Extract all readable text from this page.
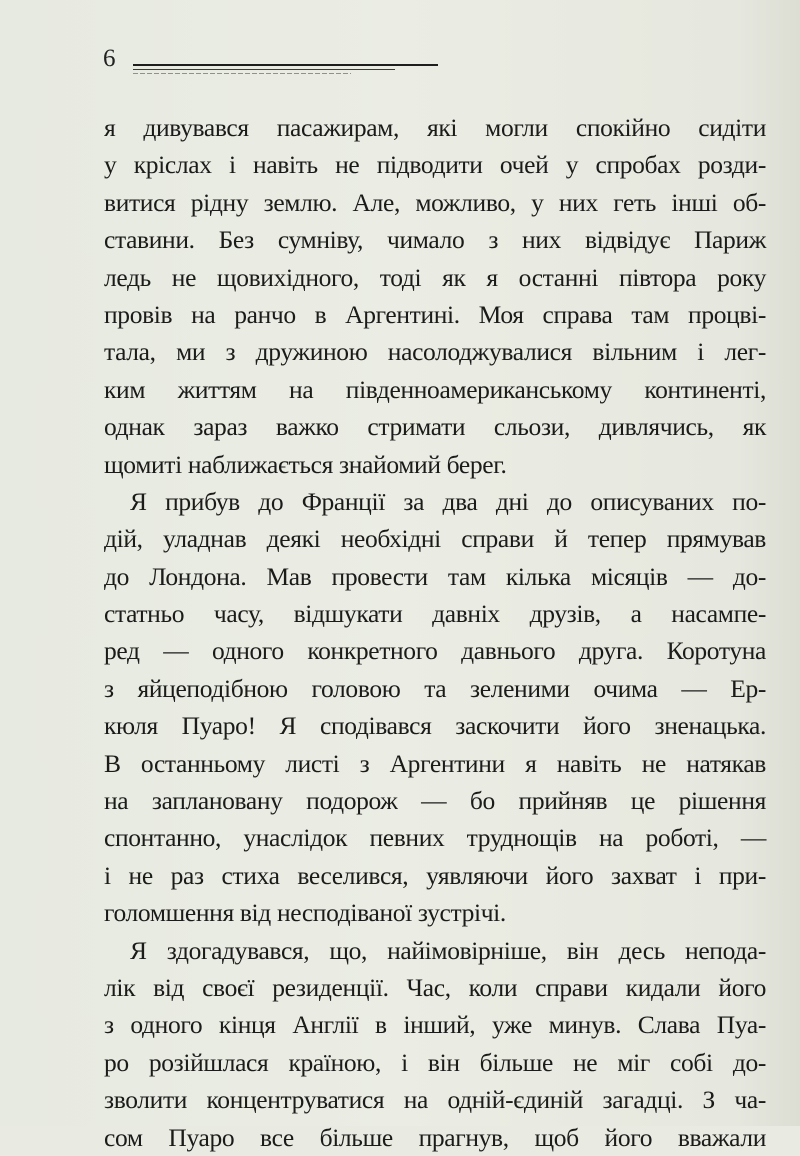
6
я дивувався пасажирам, які могли спокійно сидіти
у кріслах і навіть не підводити очей у спробах розди-
витися рідну землю. Але, можливо, у них геть інші об-
ставини. Без сумніву, чимало з них відвідує Париж
ледь не щовихідного, тоді як я останні півтора року
провів на ранчо в Аргентині. Моя справа там процві-
тала, ми з дружиною насолоджувалися вільним і лег-
ким життям на південноамериканському континенті,
однак зараз важко стримати сльози, дивлячись, як
щомиті наближається знайомий берег.
Я прибув до Франції за два дні до описуваних по-
дій, уладнав деякі необхідні справи й тепер прямував
до Лондона. Мав провести там кілька місяців — до-
статньо часу, відшукати давніх друзів, а насампе-
ред — одного конкретного давнього друга. Коротуна
з яйцеподібною головою та зеленими очима — Ер-
кюля Пуаро! Я сподівався заскочити його зненацька.
В останньому листі з Аргентини я навіть не натякав
на заплановану подорож — бо прийняв це рішення
спонтанно, унаслідок певних труднощів на роботі, —
і не раз стиха веселився, уявляючи його захват і при-
голомшення від несподіваної зустрічі.
Я здогадувався, що, найімовірніше, він десь непода-
лік від своєї резиденції. Час, коли справи кидали його
з одного кінця Англії в інший, уже минув. Слава Пуа-
ро розійшлася країною, і він більше не міг собі до-
зволити концентруватися на одній-єдиній загадці. З ча-
сом Пуаро все більше прагнув, щоб його вважали
